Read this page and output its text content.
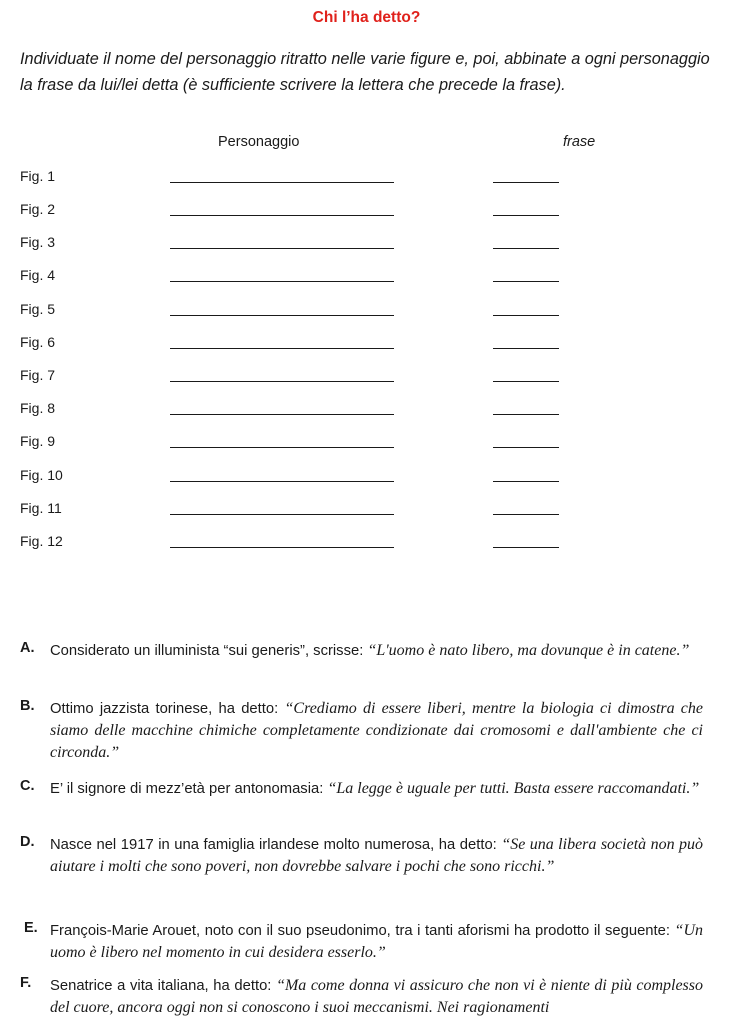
Chi l’ha detto?
Individuate il nome del personaggio ritratto nelle varie figure e, poi, abbinate a ogni personaggio la frase da lui/lei detta (è sufficiente scrivere la lettera che precede la frase).
Personaggio	frase
Fig. 1
Fig. 2
Fig. 3
Fig. 4
Fig. 5
Fig. 6
Fig. 7
Fig. 8
Fig. 9
Fig. 10
Fig. 11
Fig. 12
A. Considerato un illuminista “sui generis”, scrisse: “L'uomo è nato libero, ma dovunque è in catene.”
B. Ottimo jazzista torinese, ha detto: “Crediamo di essere liberi, mentre la biologia ci dimostra che siamo delle macchine chimiche completamente condizionate dai cromosomi e dall'ambiente che ci circonda.”
C. E’ il signore di mezz’età per antonomasia: “La legge è uguale per tutti. Basta essere raccomandati.”
D. Nasce nel 1917 in una famiglia irlandese molto numerosa, ha detto: “Se una libera società non può aiutare i molti che sono poveri, non dovrebbe salvare i pochi che sono ricchi.”
E. François-Marie Arouet, noto con il suo pseudonimo, tra i tanti aforismi ha prodotto il seguente: “Un uomo è libero nel momento in cui desidera esserlo.”
F. Senatrice a vita italiana, ha detto: “Ma come donna vi assicuro che non vi è niente di più complesso del cuore, ancora oggi non si conoscono i suoi meccanismi. Nei ragionamenti
